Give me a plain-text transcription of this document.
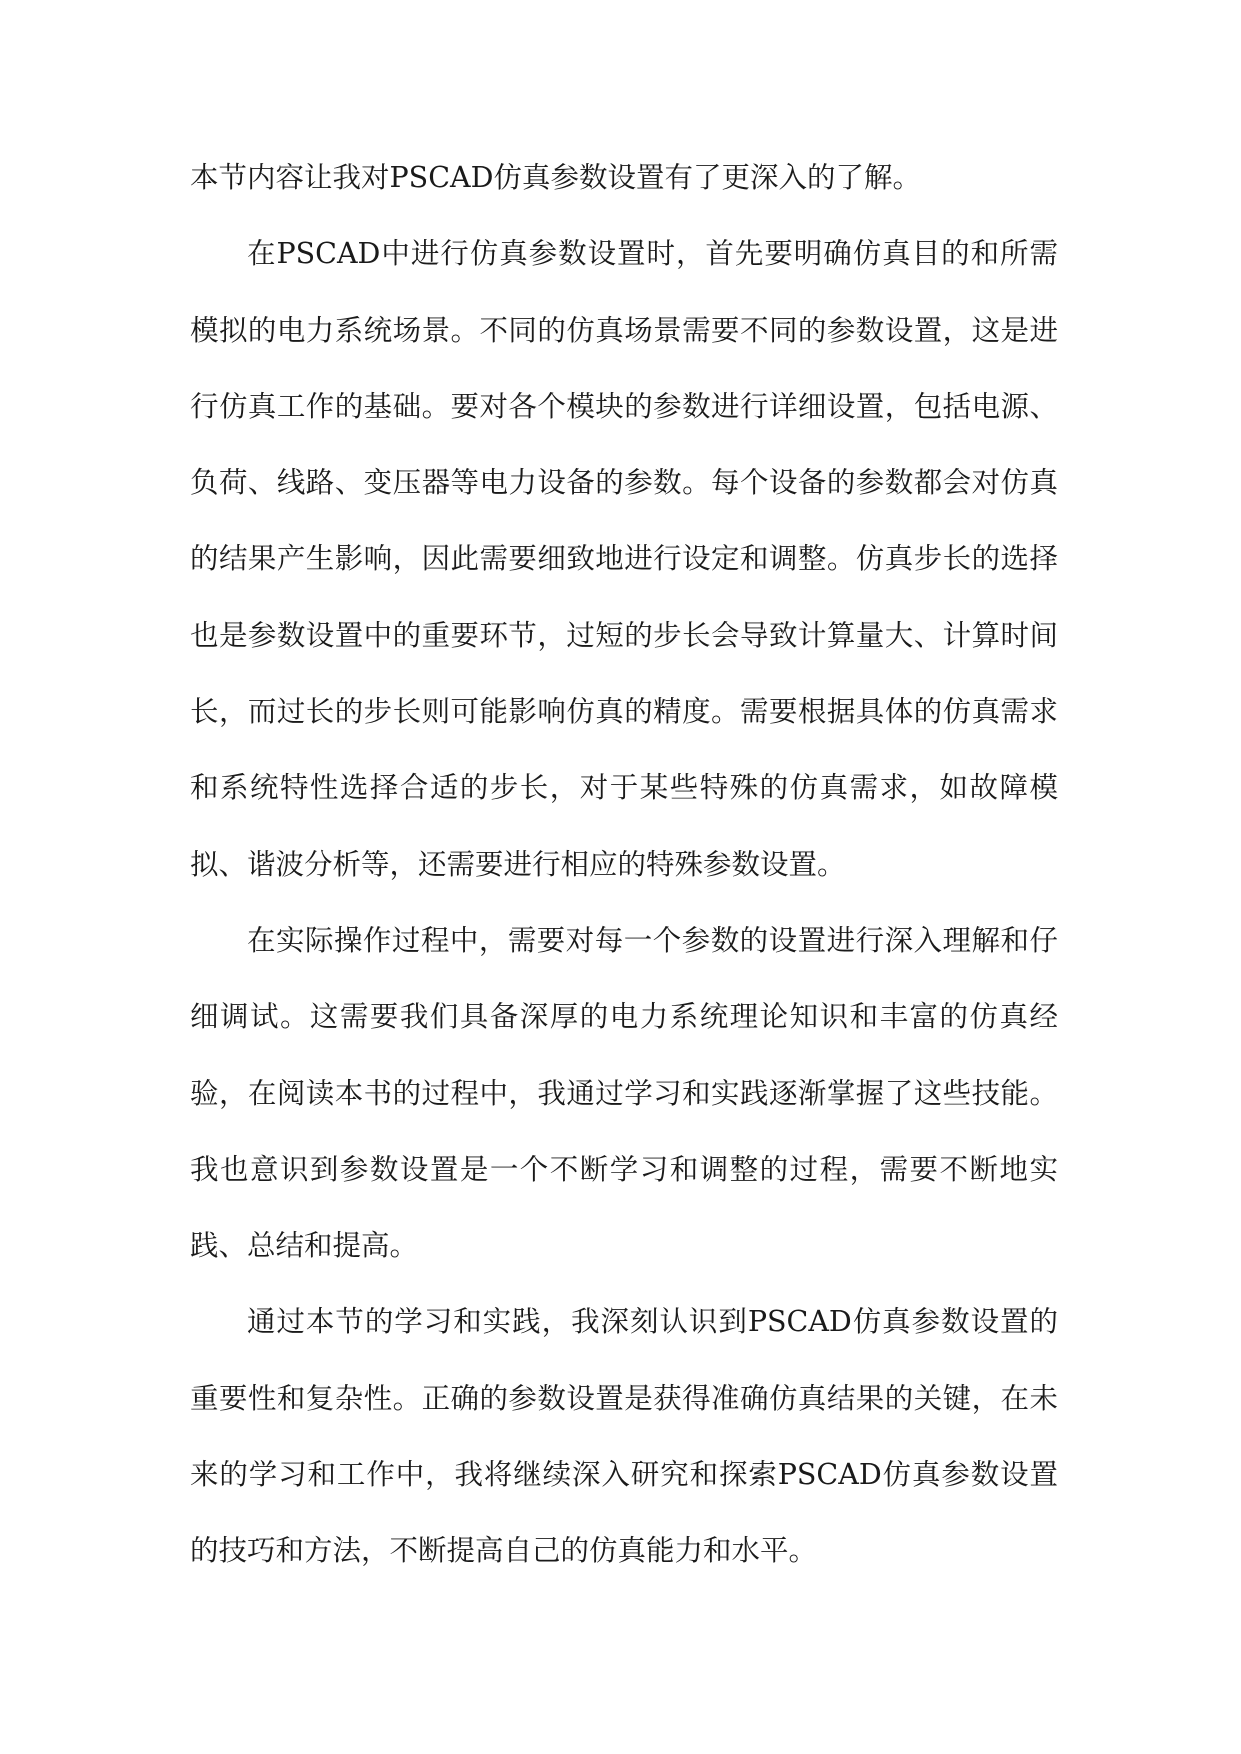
本节内容让我对PSCAD仿真参数设置有了更深入的了解。

在PSCAD中进行仿真参数设置时，首先要明确仿真目的和所需模拟的电力系统场景。不同的仿真场景需要不同的参数设置，这是进行仿真工作的基础。要对各个模块的参数进行详细设置，包括电源、负荷、线路、变压器等电力设备的参数。每个设备的参数都会对仿真的结果产生影响，因此需要细致地进行设定和调整。仿真步长的选择也是参数设置中的重要环节，过短的步长会导致计算量大、计算时间长，而过长的步长则可能影响仿真的精度。需要根据具体的仿真需求和系统特性选择合适的步长，对于某些特殊的仿真需求，如故障模拟、谐波分析等，还需要进行相应的特殊参数设置。

在实际操作过程中，需要对每一个参数的设置进行深入理解和仔细调试。这需要我们具备深厚的电力系统理论知识和丰富的仿真经验，在阅读本书的过程中，我通过学习和实践逐渐掌握了这些技能。我也意识到参数设置是一个不断学习和调整的过程，需要不断地实践、总结和提高。

通过本节的学习和实践，我深刻认识到PSCAD仿真参数设置的重要性和复杂性。正确的参数设置是获得准确仿真结果的关键，在未来的学习和工作中，我将继续深入研究和探索PSCAD仿真参数设置的技巧和方法，不断提高自己的仿真能力和水平。
